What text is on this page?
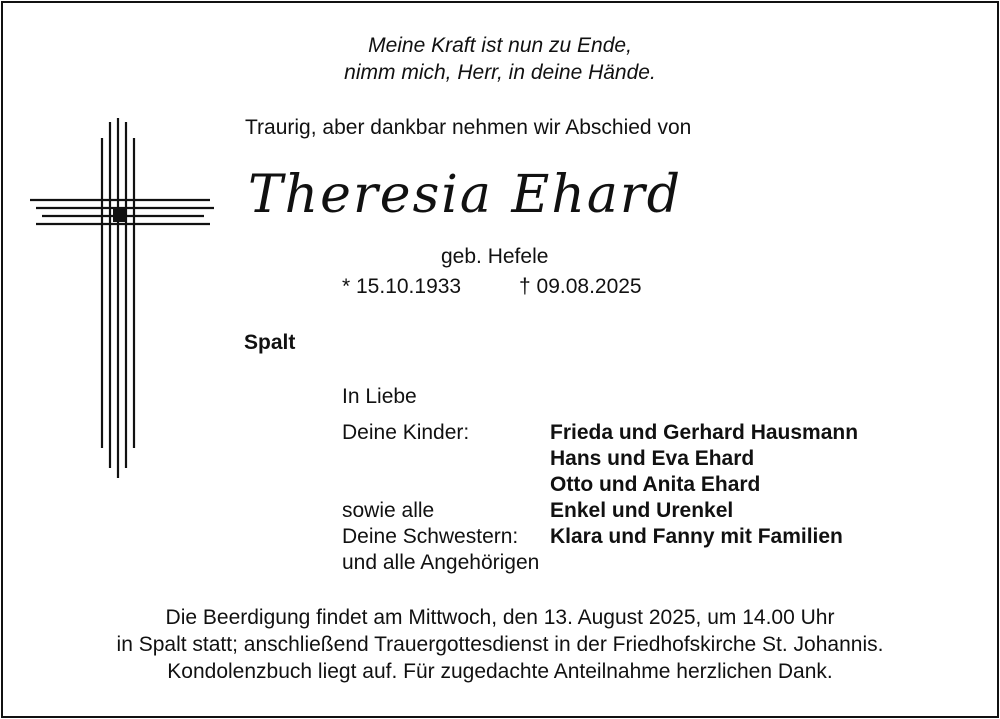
Meine Kraft ist nun zu Ende,
nimm mich, Herr, in deine Hände.
Traurig, aber dankbar nehmen wir Abschied von
Theresia Ehard
geb. Hefele
* 15.10.1933	† 09.08.2025
Spalt
In Liebe
Deine Kinder:	Frieda und Gerhard Hausmann
Hans und Eva Ehard
Otto und Anita Ehard
sowie alle	Enkel und Urenkel
Deine Schwestern: Klara und Fanny mit Familien
und alle Angehörigen
Die Beerdigung findet am Mittwoch, den 13. August 2025, um 14.00 Uhr
in Spalt statt; anschließend Trauergottesdienst in der Friedhofskirche St. Johannis.
Kondolenzbuch liegt auf. Für zugedachte Anteilnahme herzlichen Dank.
